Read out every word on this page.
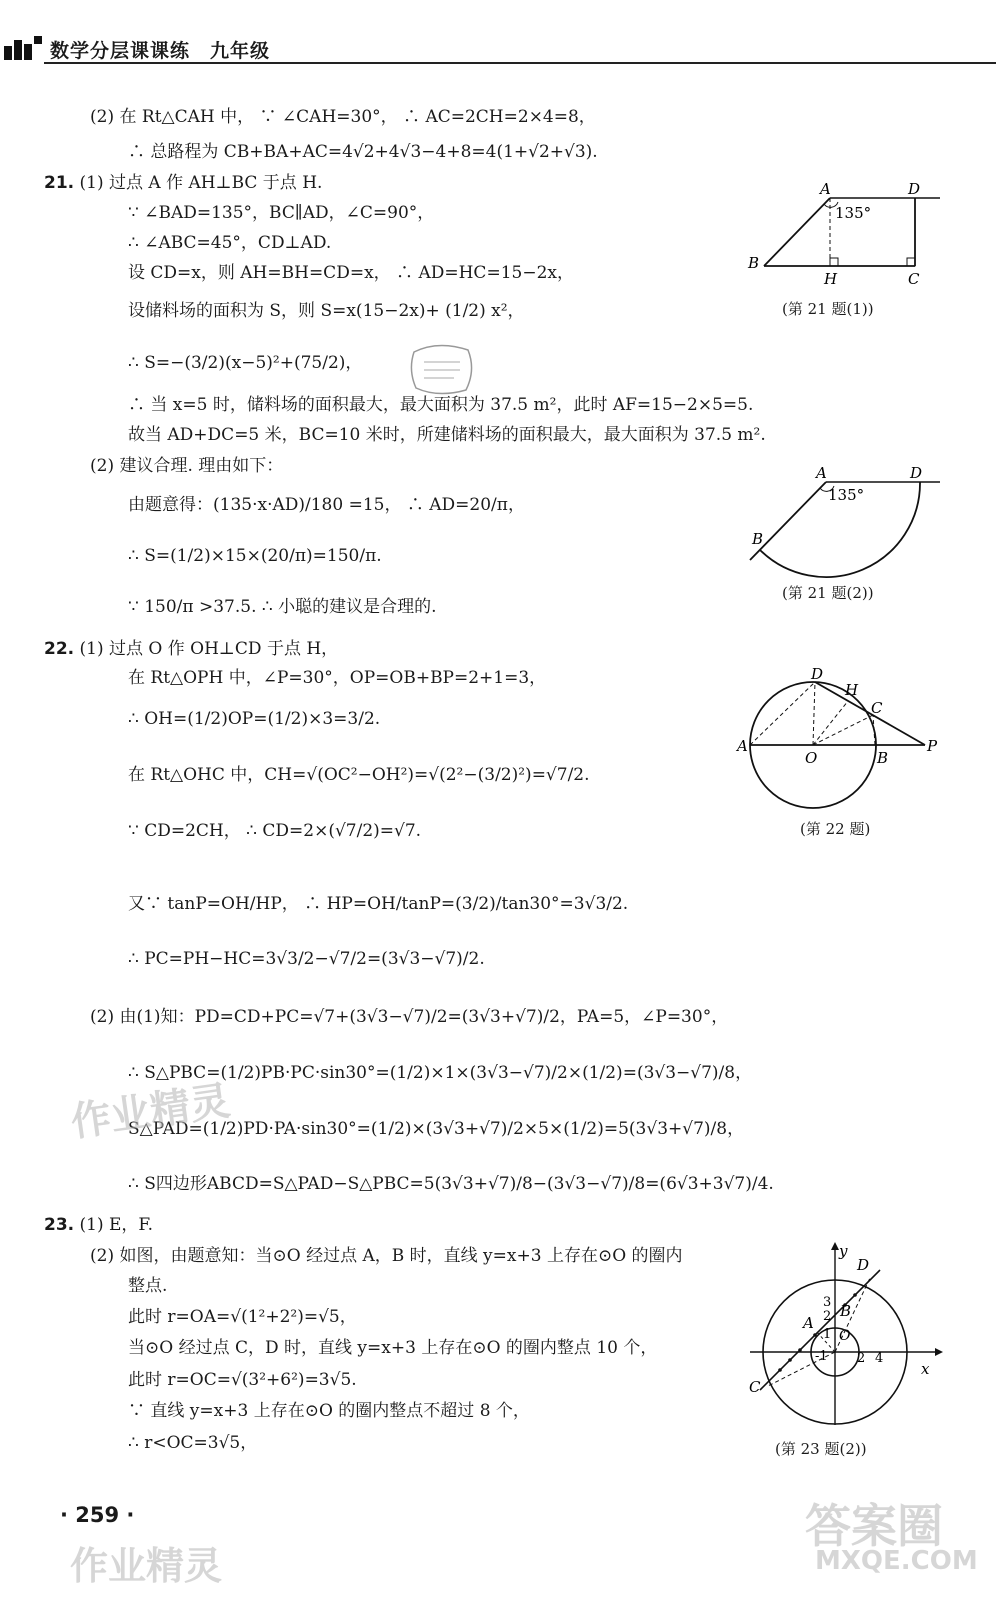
数学分层课课练　九年级
(2) 在 Rt△CAH 中， ∵ ∠CAH=30°， ∴ AC=2CH=2×4=8，
∴ 总路程为 CB+BA+AC=4√2+4√3−4+8=4(1+√2+√3).
21. (1) 过点 A 作 AH⊥BC 于点 H.
∵ ∠BAD=135°，BC∥AD，∠C=90°，
∴ ∠ABC=45°，CD⊥AD.
设 CD=x，则 AH=BH=CD=x， ∴ AD=HC=15−2x，
设储料场的面积为 S，则 S=x(15−2x)+ (1/2) x²，
∴ S=−(3/2)(x−5)²+(75/2)，
∴ 当 x=5 时，储料场的面积最大，最大面积为 37.5 m²，此时 AF=15−2×5=5.
故当 AD+DC=5 米，BC=10 米时，所建储料场的面积最大，最大面积为 37.5 m².
(2) 建议合理. 理由如下：
由题意得：(135·x·AD)/180 =15， ∴ AD=20/π，
∴ S=(1/2)×15×(20/π)=150/π.
∵ 150/π >37.5. ∴ 小聪的建议是合理的.
22. (1) 过点 O 作 OH⊥CD 于点 H，
在 Rt△OPH 中，∠P=30°，OP=OB+BP=2+1=3，
∴ OH=(1/2)OP=(1/2)×3=3/2.
在 Rt△OHC 中，CH=√(OC²−OH²)=√(2²−(3/2)²)=√7/2.
∵ CD=2CH， ∴ CD=2×(√7/2)=√7.
又∵ tanP=OH/HP， ∴ HP=OH/tanP=(3/2)/tan30°=3√3/2.
∴ PC=PH−HC=3√3/2−√7/2=(3√3−√7)/2.
(2) 由(1)知：PD=CD+PC=√7+(3√3−√7)/2=(3√3+√7)/2，PA=5，∠P=30°，
∴ S△PBC=(1/2)PB·PC·sin30°=(1/2)×1×(3√3−√7)/2×(1/2)=(3√3−√7)/8，
S△PAD=(1/2)PD·PA·sin30°=(1/2)×(3√3+√7)/2×5×(1/2)=5(3√3+√7)/8，
∴ S四边形ABCD=S△PAD−S△PBC=5(3√3+√7)/8−(3√3−√7)/8=(6√3+3√7)/4.
23. (1) E，F.
(2) 如图，由题意知：当⊙O 经过点 A，B 时，直线 y=x+3 上存在⊙O 的圈内
整点.
此时 r=OA=√(1²+2²)=√5，
当⊙O 经过点 C，D 时，直线 y=x+3 上存在⊙O 的圈内整点 10 个，
此时 r=OC=√(3²+6²)=3√5.
∵ 直线 y=x+3 上存在⊙O 的圈内整点不超过 8 个，
∴ r<OC=3√5，
A	D
B
H	C
135°
(第 21 题(1))
A	D
B
135°
(第 21 题(2))
D
H
C
A
O	B
P
(第 22 题)
y
x
D
A
B
C
O
3
2
1
-1 2 4
(第 23 题(2))
· 259 ·
作业精灵
作业精灵
答案圈
MXQE.COM
